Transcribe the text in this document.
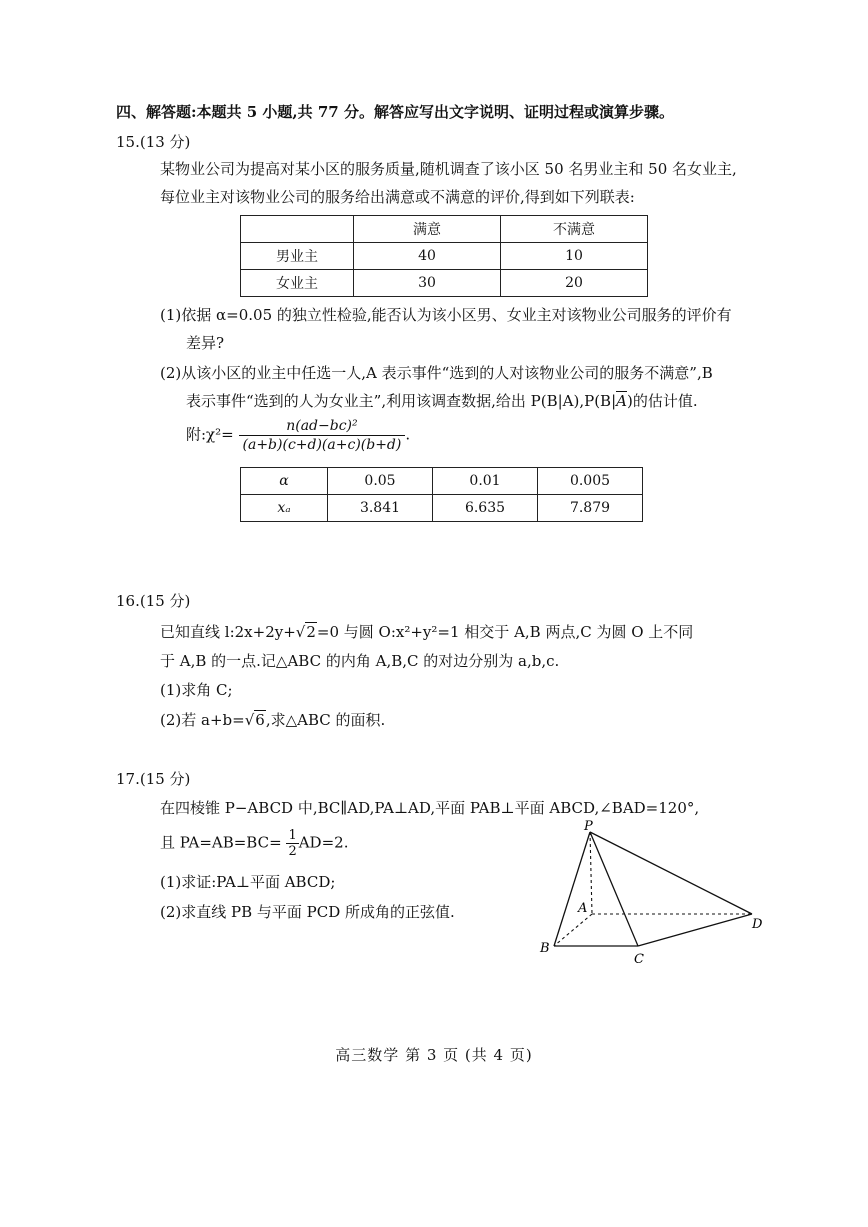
四、解答题:本题共 5 小题,共 77 分。解答应写出文字说明、证明过程或演算步骤。
15.(13 分)
某物业公司为提高对某小区的服务质量,随机调查了该小区 50 名男业主和 50 名女业主,
每位业主对该物业公司的服务给出满意或不满意的评价,得到如下列联表:
	满意	不满意
男业主	40	10
女业主	30	20
(1)依据 α=0.05 的独立性检验,能否认为该小区男、女业主对该物业公司服务的评价有
差异?
(2)从该小区的业主中任选一人,A 表示事件“选到的人对该物业公司的服务不满意”,B
表示事件“选到的人为女业主”,利用该调查数据,给出 P(B|A),P(B|A)的估计值.
附:χ²= $\frac{\text{n(ad−bc)²}}{(a+b)(c+d)(a+c)(b+d)}$ .
α	0.05	0.01	0.005
xₐ	3.841	6.635	7.879
16.(15 分)
已知直线 l:2x+2y+√2=0 与圆 O:x²+y²=1 相交于 A,B 两点,C 为圆 O 上不同
于 A,B 的一点.记△ABC 的内角 A,B,C 的对边分别为 a,b,c.
(1)求角 C;
(2)若 a+b=√6,求△ABC 的面积.
17.(15 分)
在四棱锥 P−ABCD 中,BC∥AD,PA⊥AD,平面 PAB⊥平面 ABCD,∠BAD=120°,
且 $PA=AB=BC= \frac{1}{2} AD=2$.
(1)求证:PA⊥平面 ABCD;
(2)求直线 PB 与平面 PCD 所成角的正弦值.
P
A
B
C
D
高三数学 第 3 页 (共 4 页)
